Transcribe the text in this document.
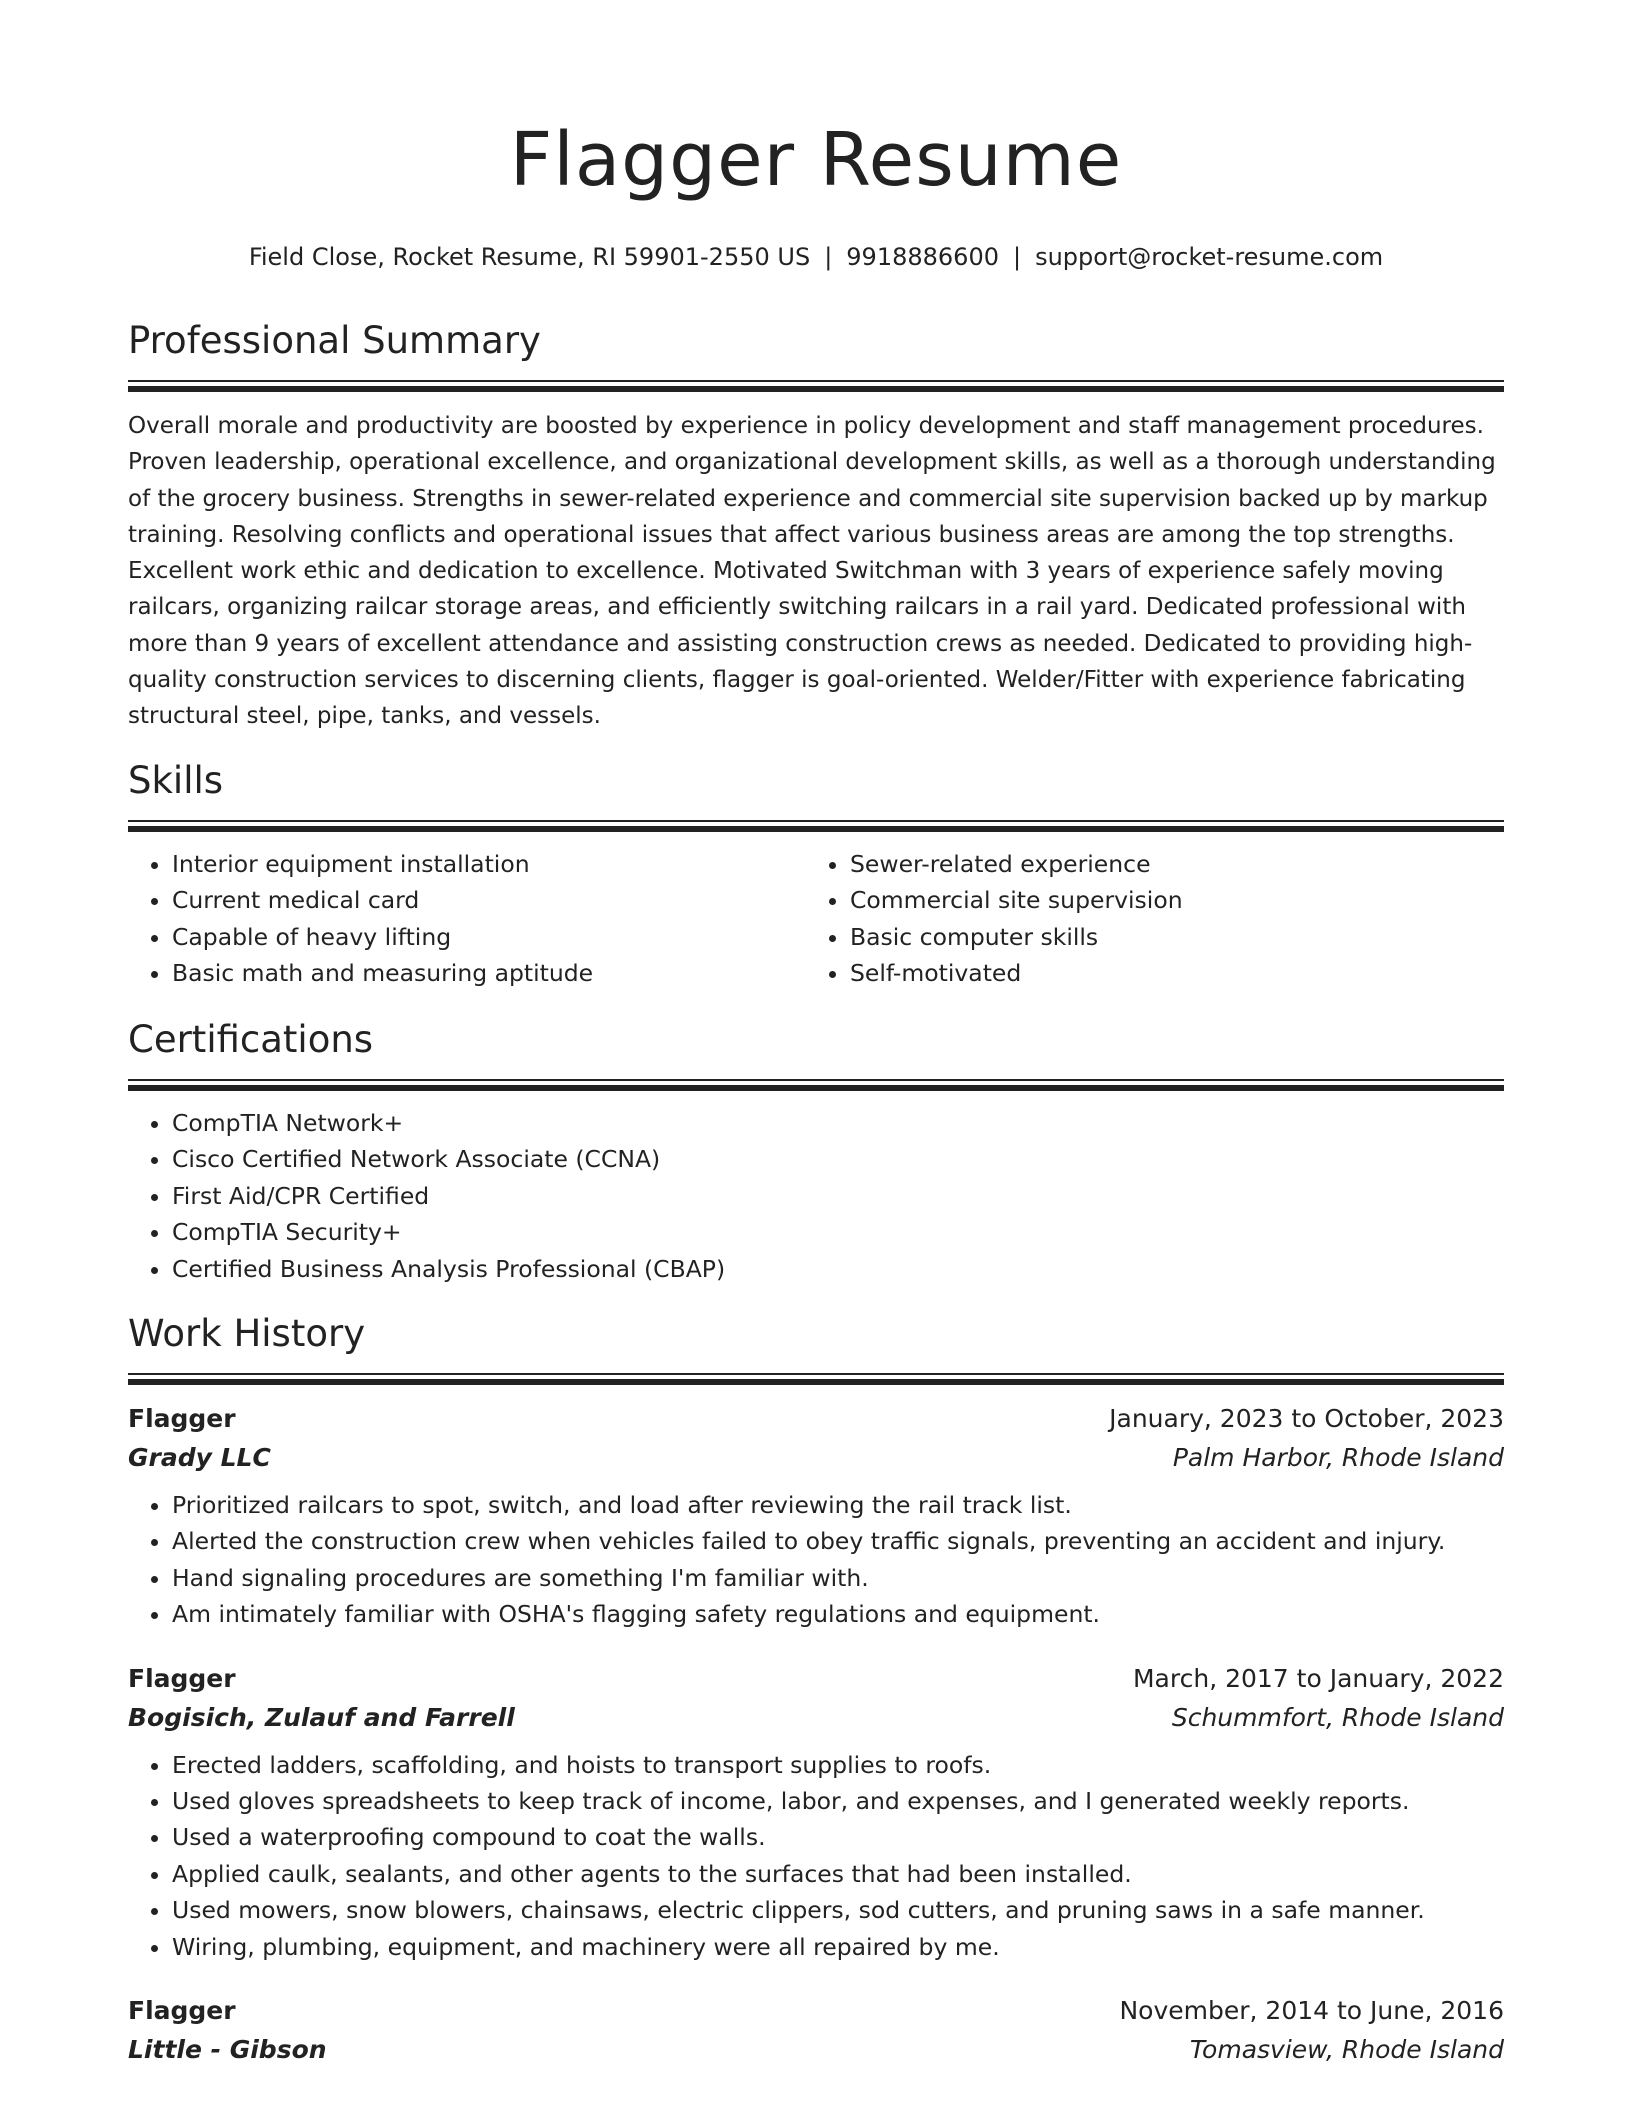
Flagger Resume
Field Close, Rocket Resume, RI 59901-2550 US | 9918886600 | support@rocket-resume.com
Professional Summary

Overall morale and productivity are boosted by experience in policy development and staff management procedures. Proven leadership, operational excellence, and organizational development skills, as well as a thorough understanding of the grocery business. Strengths in sewer-related experience and commercial site supervision backed up by markup training. Resolving conflicts and operational issues that affect various business areas are among the top strengths. Excellent work ethic and dedication to excellence. Motivated Switchman with 3 years of experience safely moving railcars, organizing railcar storage areas, and efficiently switching railcars in a rail yard. Dedicated professional with more than 9 years of excellent attendance and assisting construction crews as needed. Dedicated to providing high-quality construction services to discerning clients, flagger is goal-oriented. Welder/Fitter with experience fabricating structural steel, pipe, tanks, and vessels.

Skills
• Interior equipment installation
• Current medical card
• Capable of heavy lifting
• Basic math and measuring aptitude
• Sewer-related experience
• Commercial site supervision
• Basic computer skills
• Self-motivated
Certifications
• CompTIA Network+
• Cisco Certified Network Associate (CCNA)
• First Aid/CPR Certified
• CompTIA Security+
• Certified Business Analysis Professional (CBAP)
Work History
Flagger	January, 2023 to October, 2023
Grady LLC	Palm Harbor, Rhode Island
• Prioritized railcars to spot, switch, and load after reviewing the rail track list.
• Alerted the construction crew when vehicles failed to obey traffic signals, preventing an accident and injury.
• Hand signaling procedures are something I'm familiar with.
• Am intimately familiar with OSHA's flagging safety regulations and equipment.
Flagger	March, 2017 to January, 2022
Bogisich, Zulauf and Farrell	Schummfort, Rhode Island
• Erected ladders, scaffolding, and hoists to transport supplies to roofs.
• Used gloves spreadsheets to keep track of income, labor, and expenses, and I generated weekly reports.
• Used a waterproofing compound to coat the walls.
• Applied caulk, sealants, and other agents to the surfaces that had been installed.
• Used mowers, snow blowers, chainsaws, electric clippers, sod cutters, and pruning saws in a safe manner.
• Wiring, plumbing, equipment, and machinery were all repaired by me.
Flagger	November, 2014 to June, 2016
Little - Gibson	Tomasview, Rhode Island
